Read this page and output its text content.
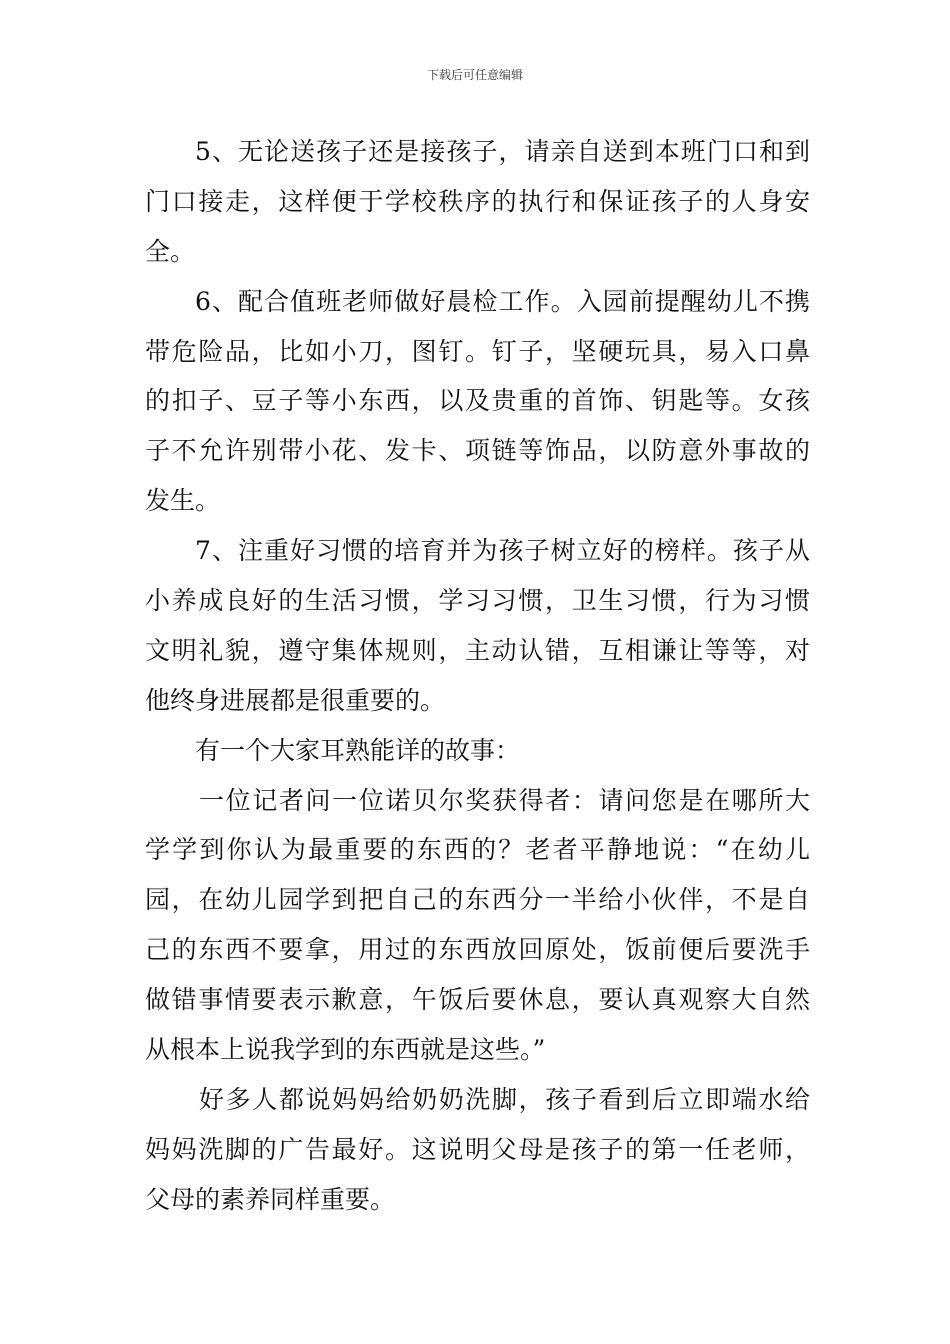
下载后可任意编辑
5、无论送孩子还是接孩子，请亲自送到本班门口和到
门口接走，这样便于学校秩序的执行和保证孩子的人身安
全。
6、配合值班老师做好晨检工作。入园前提醒幼儿不携
带危险品，比如小刀，图钉。钉子，坚硬玩具，易入口鼻
的扣子、豆子等小东西，以及贵重的首饰、钥匙等。女孩
子不允许别带小花、发卡、项链等饰品，以防意外事故的
发生。
7、注重好习惯的培育并为孩子树立好的榜样。孩子从
小养成良好的生活习惯，学习习惯，卫生习惯，行为习惯
文明礼貌，遵守集体规则，主动认错，互相谦让等等，对
他终身进展都是很重要的。
有一个大家耳熟能详的故事：
一位记者问一位诺贝尔奖获得者：请问您是在哪所大
学学到你认为最重要的东西的？老者平静地说：“在幼儿
园，在幼儿园学到把自己的东西分一半给小伙伴，不是自
己的东西不要拿，用过的东西放回原处，饭前便后要洗手
做错事情要表示歉意，午饭后要休息，要认真观察大自然
从根本上说我学到的东西就是这些。”
好多人都说妈妈给奶奶洗脚，孩子看到后立即端水给
妈妈洗脚的广告最好。这说明父母是孩子的第一任老师，
父母的素养同样重要。
